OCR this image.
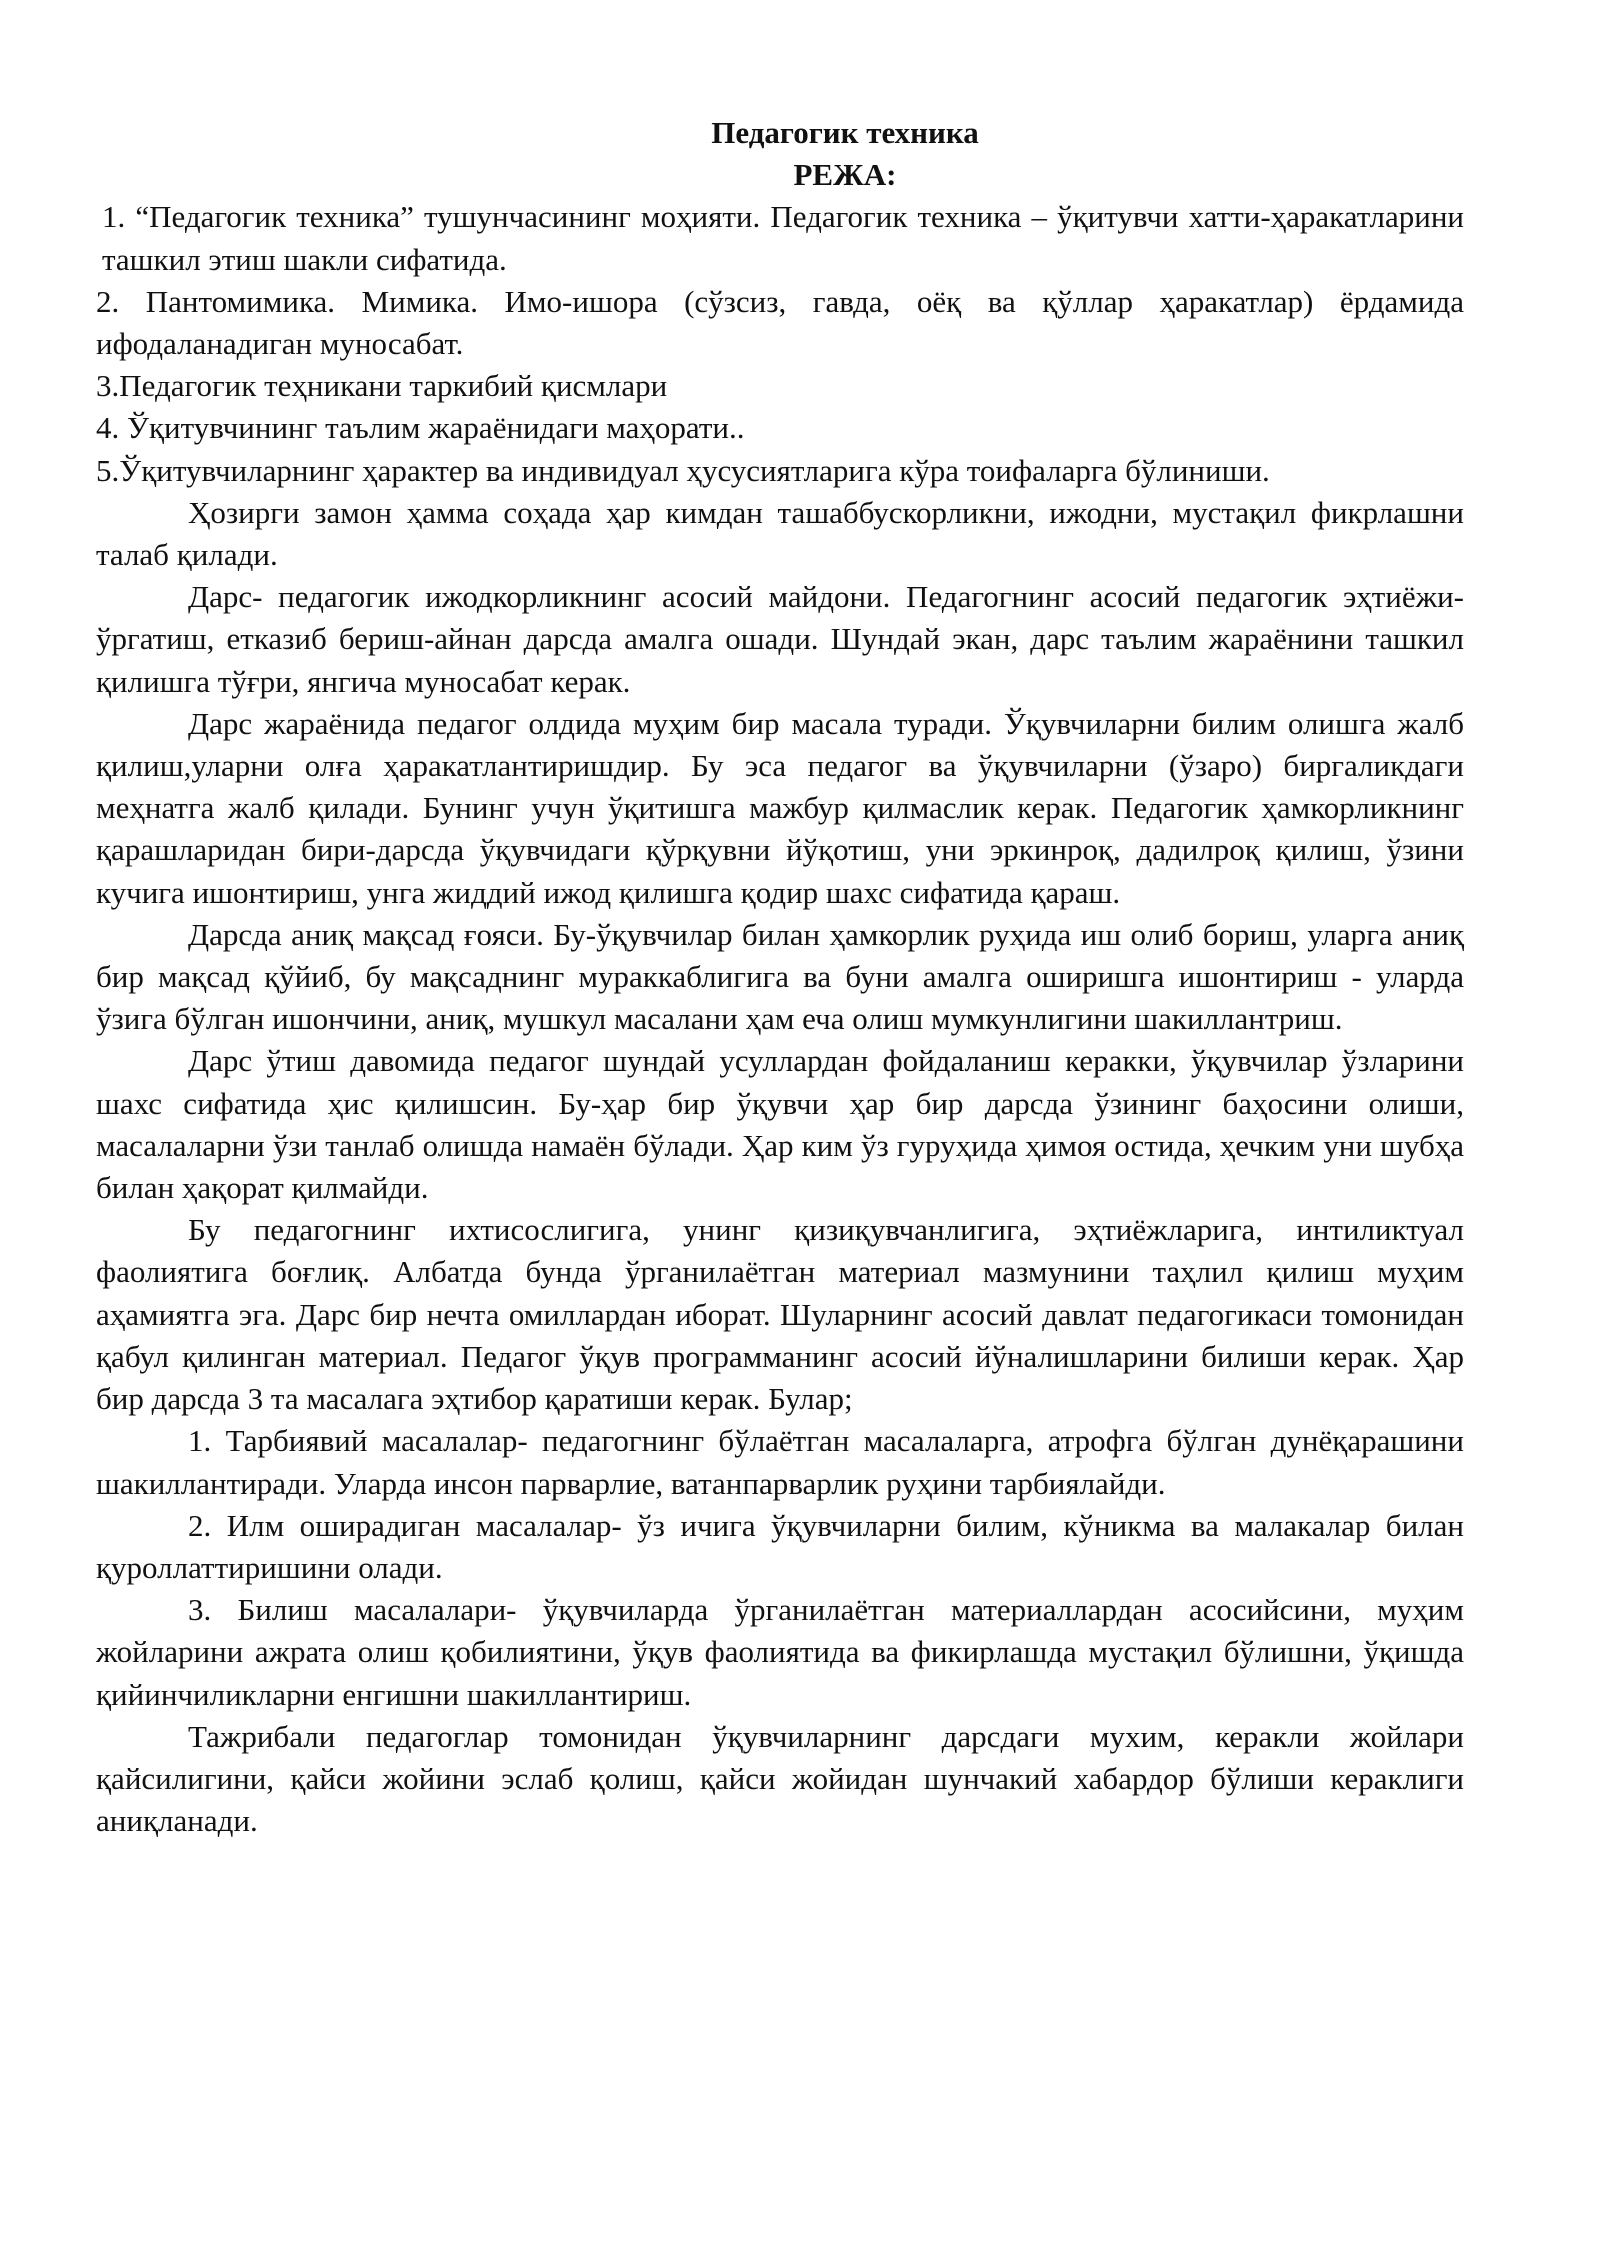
Педагогик техника

РЕЖА:

1. “Педагогик техника” тушунчасининг моҳияти. Педагогик техника – ўқитувчи хатти-ҳаракатларини ташкил этиш шакли сифатида.

2. Пантомимика. Мимика. Имо-ишора (сўзсиз, гавда, оёқ ва қўллар ҳаракатлар) ёрдамида ифодаланадиган муносабат.

3.Педагогик теҳникани таркибий қисмлари

4. Ўқитувчининг таълим жараёнидаги маҳорати..

5.Ўқитувчиларнинг ҳарактер ва индивидуал ҳусусиятларига кўра тоифаларга бўлиниши.

Ҳозирги замон ҳамма соҳада ҳар кимдан ташаббускорликни, ижодни, мустақил фикрлашни талаб қилади.

Дарс- педагогик ижодкорликнинг асосий майдони. Педагогнинг асосий педагогик эҳтиёжи-ўргатиш, етказиб бериш-айнан дарсда амалга ошади. Шундай экан, дарс таълим жараёнини ташкил қилишга тўғри, янгича муносабат керак.

Дарс жараёнида педагог олдида муҳим бир масала туради. Ўқувчиларни билим олишга жалб қилиш,уларни олға ҳаракатлантиришдир. Бу эса педагог ва ўқувчиларни (ўзаро) биргаликдаги меҳнатга жалб қилади. Бунинг учун ўқитишга мажбур қилмаслик керак. Педагогик ҳамкорликнинг қарашларидан бири-дарсда ўқувчидаги қўрқувни йўқотиш, уни эркинроқ, дадилроқ қилиш, ўзини кучига ишонтириш, унга жиддий ижод қилишга қодир шахс сифатида қараш.

Дарсда аниқ мақсад ғояси. Бу-ўқувчилар билан ҳамкорлик руҳида иш олиб бориш, уларга аниқ бир мақсад қўйиб, бу мақсаднинг мураккаблигига ва буни амалга оширишга ишонтириш - уларда ўзига бўлган ишончини, аниқ, мушкул масалани ҳам еча олиш мумкунлигини шакиллантриш.

Дарс ўтиш давомида педагог шундай усуллардан фойдаланиш керакки, ўқувчилар ўзларини шахс сифатида ҳис қилишсин. Бу-ҳар бир ўқувчи ҳар бир дарсда ўзининг баҳосини олиши, масалаларни ўзи танлаб олишда намаён бўлади. Ҳар ким ўз гуруҳида ҳимоя остида, ҳечким уни шубҳа билан ҳақорат қилмайди.

Бу педагогнинг ихтисослигига, унинг қизиқувчанлигига, эҳтиёжларига, интиликтуал фаолиятига боғлиқ. Албатда бунда ўрганилаётган материал мазмунини таҳлил қилиш муҳим аҳамиятга эга. Дарс бир нечта омиллардан иборат. Шуларнинг асосий давлат педагогикаси томонидан қабул қилинган материал. Педагог ўқув программанинг асосий йўналишларини билиши керак. Ҳар бир дарсда 3 та масалага эҳтибор қаратиши керак. Булар;

1. Тарбиявий масалалар- педагогнинг бўлаётган масалаларга, атрофга бўлган дунёқарашини шакиллантиради. Уларда инсон парварлие, ватанпарварлик руҳини тарбиялайди.

2. Илм оширадиган масалалар- ўз ичига ўқувчиларни билим, кўникма ва малакалар билан қуроллаттиришини олади.

3. Билиш масалалари- ўқувчиларда ўрганилаётган материаллардан асосийсини, муҳим жойларини ажрата олиш қобилиятини, ўқув фаолиятида ва фикирлашда мустақил бўлишни, ўқишда қийинчиликларни енгишни шакиллантириш.

Тажрибали педагоглар томонидан ўқувчиларнинг дарсдаги мухим, керакли жойлари қайсилигини, қайси жойини эслаб қолиш, қайси жойидан шунчакий хабардор бўлиши кераклиги аниқланади.
